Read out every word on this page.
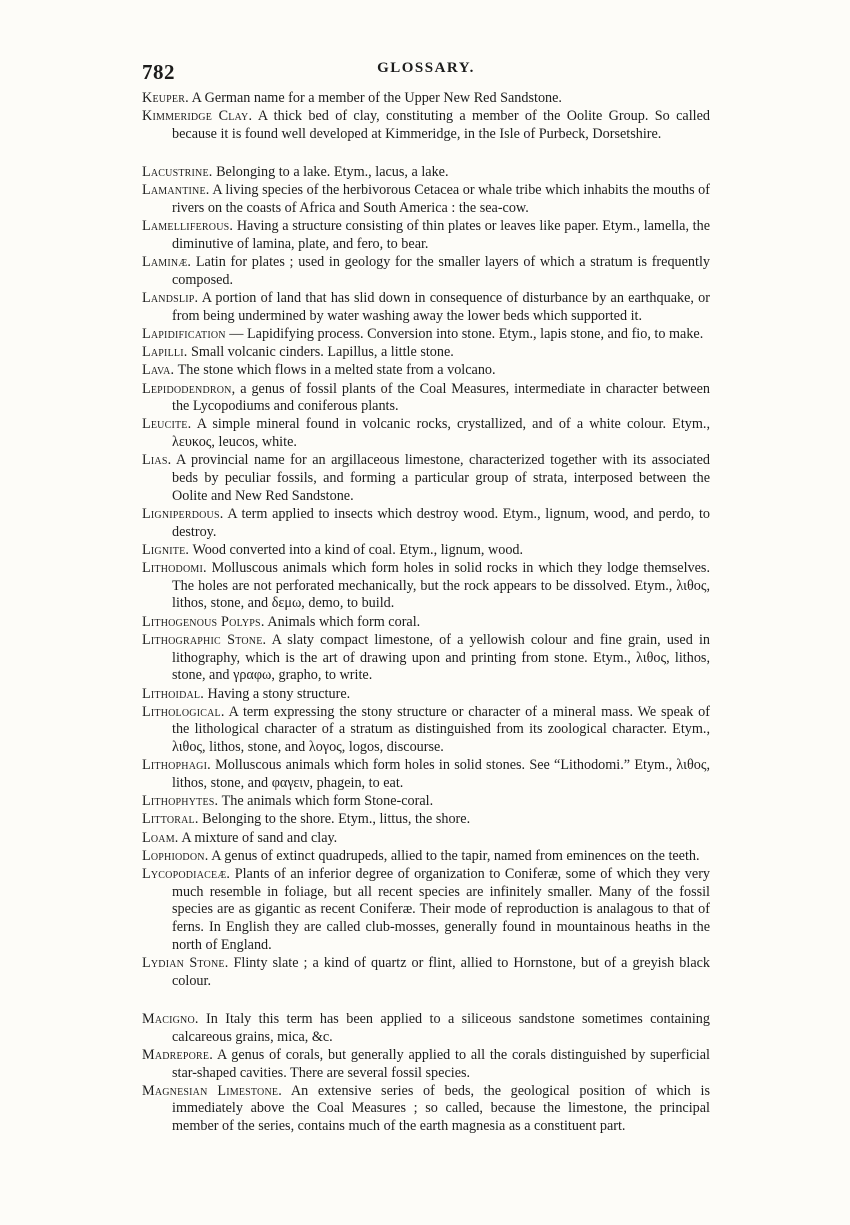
782	GLOSSARY.

Keuper. A German name for a member of the Upper New Red Sandstone.

Kimmeridge Clay. A thick bed of clay, constituting a member of the Oolite Group. So called because it is found well developed at Kimmeridge, in the Isle of Purbeck, Dorsetshire.

Lacustrine. Belonging to a lake. Etym., lacus, a lake.

Lamantine. A living species of the herbivorous Cetacea or whale tribe which inhabits the mouths of rivers on the coasts of Africa and South America : the sea-cow.

Lamelliferous. Having a structure consisting of thin plates or leaves like paper. Etym., lamella, the diminutive of lamina, plate, and fero, to bear.

Laminæ. Latin for plates ; used in geology for the smaller layers of which a stratum is frequently composed.

Landslip. A portion of land that has slid down in consequence of disturbance by an earthquake, or from being undermined by water washing away the lower beds which supported it.

Lapidification — Lapidifying process. Conversion into stone. Etym., lapis stone, and fio, to make.

Lapilli. Small volcanic cinders. Lapillus, a little stone.

Lava. The stone which flows in a melted state from a volcano.

Lepidodendron, a genus of fossil plants of the Coal Measures, intermediate in character between the Lycopodiums and coniferous plants.

Leucite. A simple mineral found in volcanic rocks, crystallized, and of a white colour. Etym., λευκος, leucos, white.

Lias. A provincial name for an argillaceous limestone, characterized together with its associated beds by peculiar fossils, and forming a particular group of strata, interposed between the Oolite and New Red Sandstone.

Ligniperdous. A term applied to insects which destroy wood. Etym., lignum, wood, and perdo, to destroy.

Lignite. Wood converted into a kind of coal. Etym., lignum, wood.

Lithodomi. Molluscous animals which form holes in solid rocks in which they lodge themselves. The holes are not perforated mechanically, but the rock appears to be dissolved. Etym., λιθος, lithos, stone, and δεμω, demo, to build.

Lithogenous Polyps. Animals which form coral.

Lithographic Stone. A slaty compact limestone, of a yellowish colour and fine grain, used in lithography, which is the art of drawing upon and printing from stone. Etym., λιθος, lithos, stone, and γραφω, grapho, to write.

Lithoidal. Having a stony structure.

Lithological. A term expressing the stony structure or character of a mineral mass. We speak of the lithological character of a stratum as distinguished from its zoological character. Etym., λιθος, lithos, stone, and λογος, logos, discourse.

Lithophagi. Molluscous animals which form holes in solid stones. See “Lithodomi.” Etym., λιθος, lithos, stone, and φαγειν, phagein, to eat.

Lithophytes. The animals which form Stone-coral.

Littoral. Belonging to the shore. Etym., littus, the shore.

Loam. A mixture of sand and clay.

Lophiodon. A genus of extinct quadrupeds, allied to the tapir, named from eminences on the teeth.

Lycopodiaceæ. Plants of an inferior degree of organization to Coniferæ, some of which they very much resemble in foliage, but all recent species are infinitely smaller. Many of the fossil species are as gigantic as recent Coniferæ. Their mode of reproduction is analagous to that of ferns. In English they are called club-mosses, generally found in mountainous heaths in the north of England.

Lydian Stone. Flinty slate ; a kind of quartz or flint, allied to Hornstone, but of a greyish black colour.

Macigno. In Italy this term has been applied to a siliceous sandstone sometimes containing calcareous grains, mica, &c.

Madrepore. A genus of corals, but generally applied to all the corals distinguished by superficial star-shaped cavities. There are several fossil species.

Magnesian Limestone. An extensive series of beds, the geological position of which is immediately above the Coal Measures ; so called, because the limestone, the principal member of the series, contains much of the earth magnesia as a constituent part.
